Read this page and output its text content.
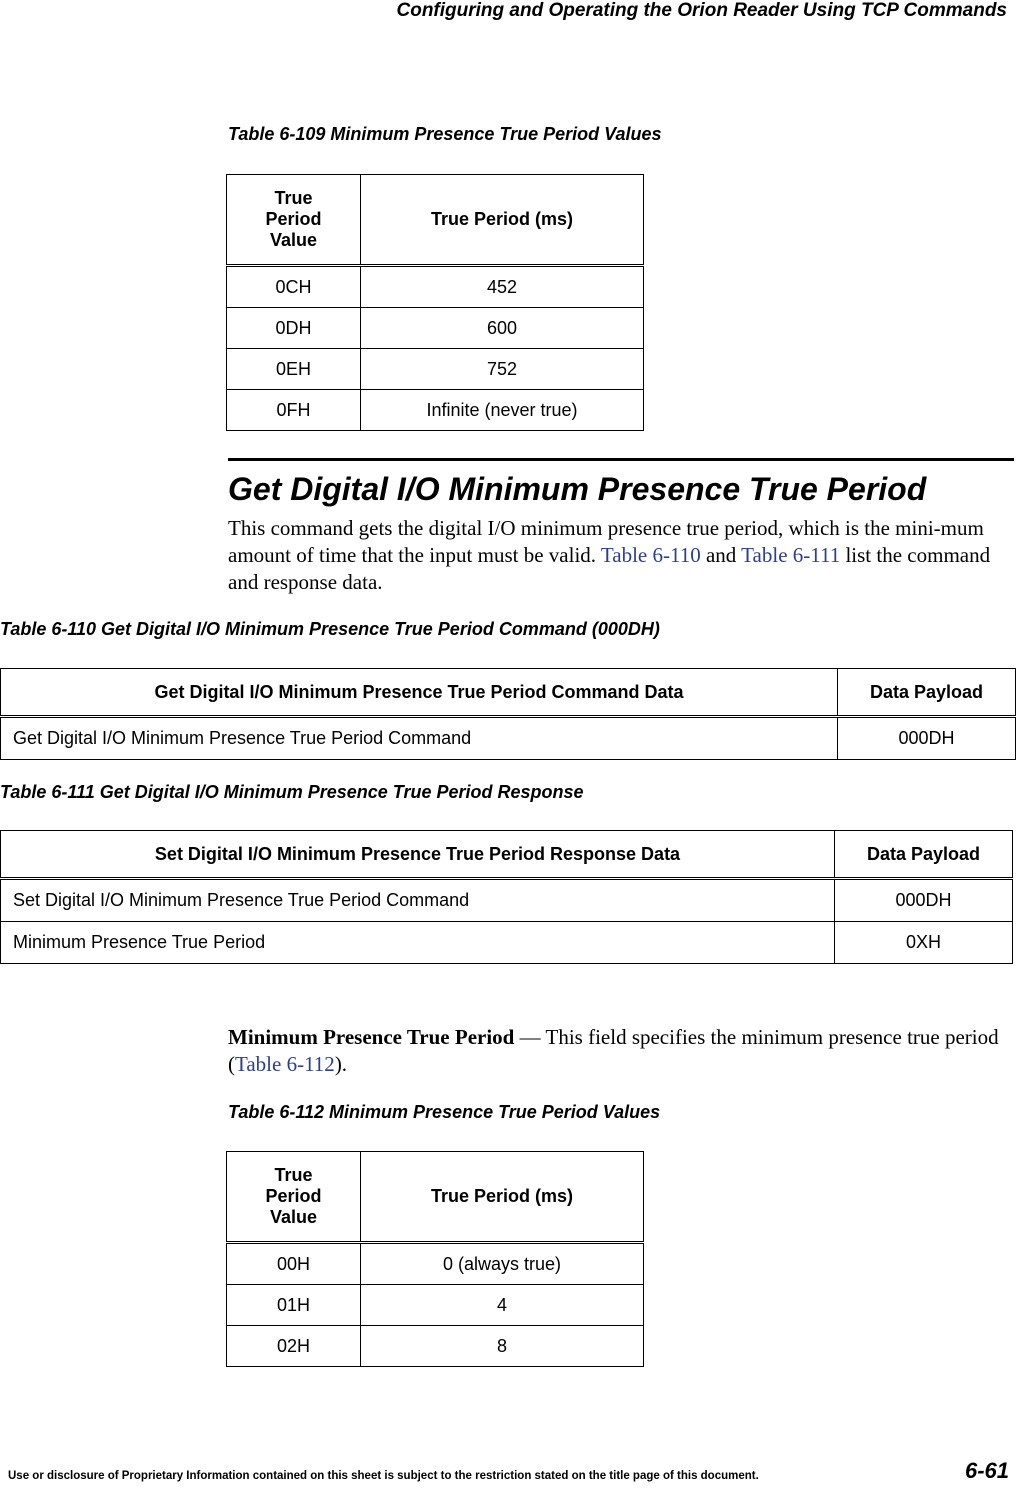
Configuring and Operating the Orion Reader Using TCP Commands
Table 6-109 Minimum Presence True Period Values
True
Period
Value	True Period (ms)
0CH	452
0DH	600
0EH	752
0FH	Infinite (never true)
Get Digital I/O Minimum Presence True Period
This command gets the digital I/O minimum presence true period, which is the mini-mum amount of time that the input must be valid. Table 6-110 and Table 6-111 list the command and response data.
Table 6-110 Get Digital I/O Minimum Presence True Period Command (000DH)
Get Digital I/O Minimum Presence True Period Command Data	Data Payload
Get Digital I/O Minimum Presence True Period Command	000DH
Table 6-111 Get Digital I/O Minimum Presence True Period Response
Set Digital I/O Minimum Presence True Period Response Data	Data Payload
Set Digital I/O Minimum Presence True Period Command	000DH
Minimum Presence True Period	0XH
Minimum Presence True Period — This field specifies the minimum presence true period (Table 6-112).
Table 6-112 Minimum Presence True Period Values
True
Period
Value	True Period (ms)
00H	0 (always true)
01H	4
02H	8
Use or disclosure of Proprietary Information contained on this sheet is subject to the restriction stated on the title page of this document.	6-61
